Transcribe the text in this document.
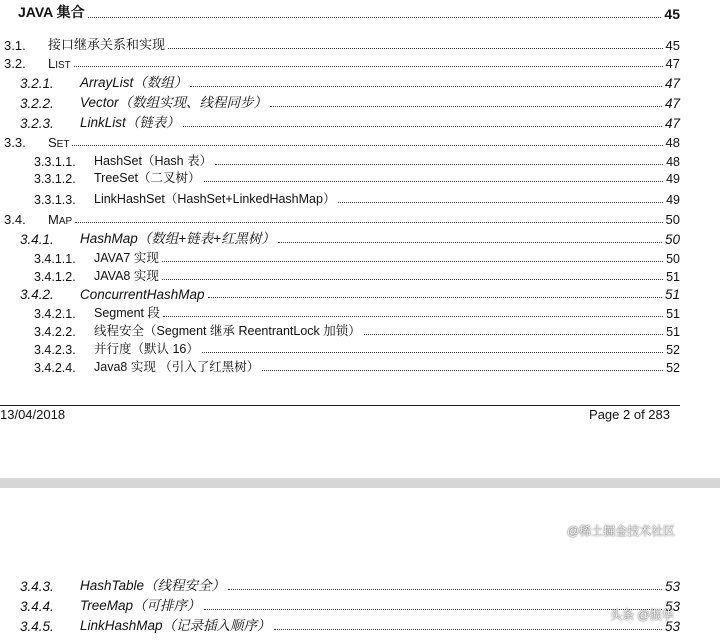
JAVA 集合	45
3.1.	接口继承关系和实现	45
3.2.	LIST	47
3.2.1.	ArrayList（数组）	47
3.2.2.	Vector（数组实现、线程同步）	47
3.2.3.	LinkList（链表）	47
3.3.	SET	48
3.3.1.1.	HashSet（Hash 表）	48
3.3.1.2.	TreeSet（二叉树）	49
3.3.1.3.	LinkHashSet（HashSet+LinkedHashMap）	49
3.4.	MAP	50
3.4.1.	HashMap（数组+链表+红黑树）	50
3.4.1.1.	JAVA7 实现	50
3.4.1.2.	JAVA8 实现	51
3.4.2.	ConcurrentHashMap	51
3.4.2.1.	Segment 段	51
3.4.2.2.	线程安全（Segment 继承 ReentrantLock 加锁）	51
3.4.2.3.	并行度（默认 16）	52
3.4.2.4.	Java8 实现 （引入了红黑树）	52
13/04/2018	Page 2 of 283
3.4.3.	HashTable（线程安全）	53
3.4.4.	TreeMap（可排序）	53
3.4.5.	LinkHashMap（记录插入顺序）	53
@稀土掘金技术社区
头条 @振华
